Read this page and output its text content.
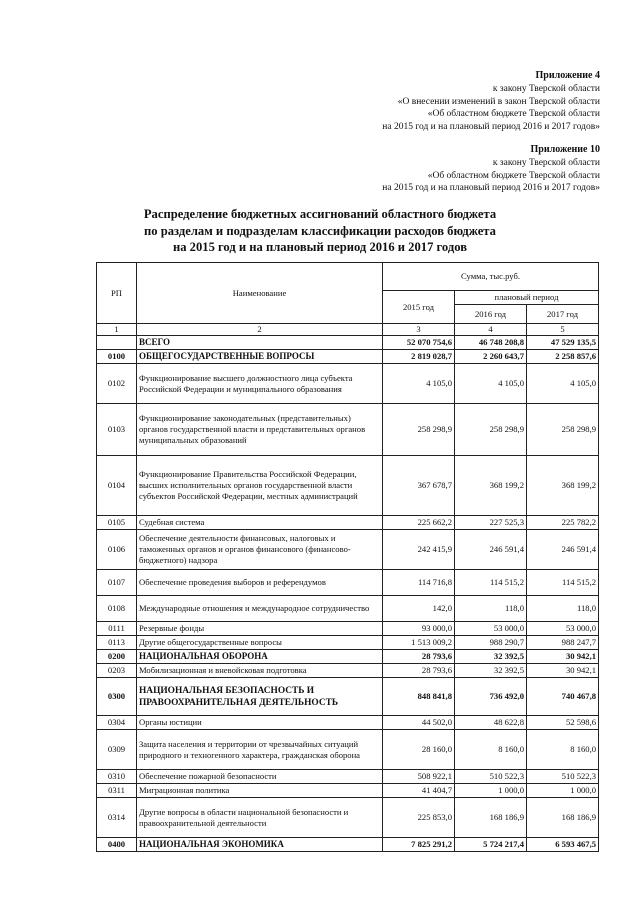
Приложение 4
к закону Тверской области
«О внесении изменений в закон Тверской области
«Об областном бюджете Тверской области
на 2015 год и на плановый период 2016 и 2017 годов»
Приложение 10
к закону Тверской области
«Об областном бюджете Тверской области
на 2015 год и на плановый период 2016 и 2017 годов»
Распределение бюджетных ассигнований областного бюджета
по разделам и подразделам классификации расходов бюджета
на 2015 год и на плановый период 2016 и 2017 годов
РП	Наименование	Сумма, тыс.руб.		
		2015 год	плановый период	
			2016 год	2017 год
1	2	3	4	5
	ВСЕГО	52 070 754,6	46 748 208,8	47 529 135,5
0100	ОБЩЕГОСУДАРСТВЕННЫЕ ВОПРОСЫ	2 819 028,7	2 260 643,7	2 258 857,6
0102	Функционирование высшего должностного лица субъекта Российской Федерации и муниципального образования	4 105,0	4 105,0	4 105,0
0103	Функционирование законодательных (представительных) органов государственной власти и представительных органов муниципальных образований	258 298,9	258 298,9	258 298,9
0104	Функционирование Правительства Российской Федерации, высших исполнительных органов государственной власти субъектов Российской Федерации, местных администраций	367 678,7	368 199,2	368 199,2
0105	Судебная система	225 662,2	227 525,3	225 782,2
0106	Обеспечение деятельности финансовых, налоговых и таможенных органов и органов финансового (финансово-бюджетного) надзора	242 415,9	246 591,4	246 591,4
0107	Обеспечение проведения выборов и референдумов	114 716,8	114 515,2	114 515,2
0108	Международные отношения и международное сотрудничество	142,0	118,0	118,0
0111	Резервные фонды	93 000,0	53 000,0	53 000,0
0113	Другие общегосударственные вопросы	1 513 009,2	988 290,7	988 247,7
0200	НАЦИОНАЛЬНАЯ ОБОРОНА	28 793,6	32 392,5	30 942,1
0203	Мобилизационная и вневойсковая подготовка	28 793,6	32 392,5	30 942,1
0300	НАЦИОНАЛЬНАЯ БЕЗОПАСНОСТЬ И ПРАВООХРАНИТЕЛЬНАЯ ДЕЯТЕЛЬНОСТЬ	848 841,8	736 492,0	740 467,8
0304	Органы юстиции	44 502,0	48 622,8	52 598,6
0309	Защита населения и территории от чрезвычайных ситуаций природного и техногенного характера, гражданская оборона	28 160,0	8 160,0	8 160,0
0310	Обеспечение пожарной безопасности	508 922,1	510 522,3	510 522,3
0311	Миграционная политика	41 404,7	1 000,0	1 000,0
0314	Другие вопросы в области национальной безопасности и правоохранительной деятельности	225 853,0	168 186,9	168 186,9
0400	НАЦИОНАЛЬНАЯ ЭКОНОМИКА	7 825 291,2	5 724 217,4	6 593 467,5
